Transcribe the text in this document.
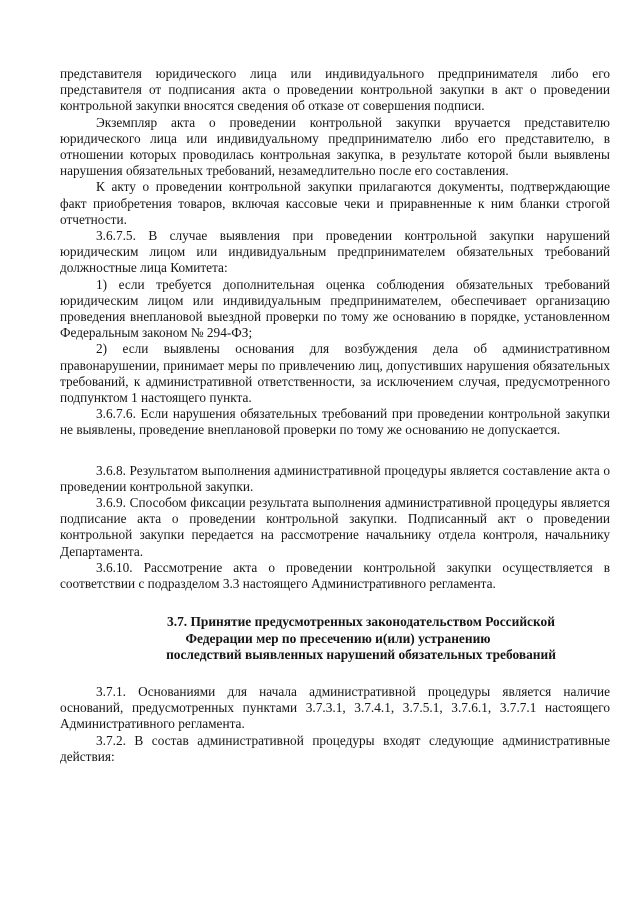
представителя юридического лица или индивидуального предпринимателя либо его представителя от подписания акта о проведении контрольной закупки в акт о проведении контрольной закупки вносятся сведения об отказе от совершения подписи.

Экземпляр акта о проведении контрольной закупки вручается представителю юридического лица или индивидуальному предпринимателю либо его представителю, в отношении которых проводилась контрольная закупка, в результате которой были выявлены нарушения обязательных требований, незамедлительно после его составления.

К акту о проведении контрольной закупки прилагаются документы, подтверждающие факт приобретения товаров, включая кассовые чеки и приравненные к ним бланки строгой отчетности.

3.6.7.5. В случае выявления при проведении контрольной закупки нарушений юридическим лицом или индивидуальным предпринимателем обязательных требований должностные лица Комитета:

1) если требуется дополнительная оценка соблюдения обязательных требований юридическим лицом или индивидуальным предпринимателем, обеспечивает организацию проведения внеплановой выездной проверки по тому же основанию в порядке, установленном Федеральным законом № 294-ФЗ;

2) если выявлены основания для возбуждения дела об административном правонарушении, принимает меры по привлечению лиц, допустивших нарушения обязательных требований, к административной ответственности, за исключением случая, предусмотренного подпунктом 1 настоящего пункта.

3.6.7.6. Если нарушения обязательных требований при проведении контрольной закупки не выявлены, проведение внеплановой проверки по тому же основанию не допускается.

3.6.8. Результатом выполнения административной процедуры является составление акта о проведении контрольной закупки.

3.6.9. Способом фиксации результата выполнения административной процедуры является подписание акта о проведении контрольной закупки. Подписанный акт о проведении контрольной закупки передается на рассмотрение начальнику отдела контроля, начальнику Департамента.

3.6.10. Рассмотрение акта о проведении контрольной закупки осуществляется в соответствии с подразделом 3.3 настоящего Административного регламента.

3.7. Принятие предусмотренных законодательством Российской
Федерации мер по пресечению и(или) устранению
последствий выявленных нарушений обязательных требований

3.7.1. Основаниями для начала административной процедуры является наличие оснований, предусмотренных пунктами 3.7.3.1, 3.7.4.1, 3.7.5.1, 3.7.6.1, 3.7.7.1 настоящего Административного регламента.

3.7.2. В состав административной процедуры входят следующие административные действия:
